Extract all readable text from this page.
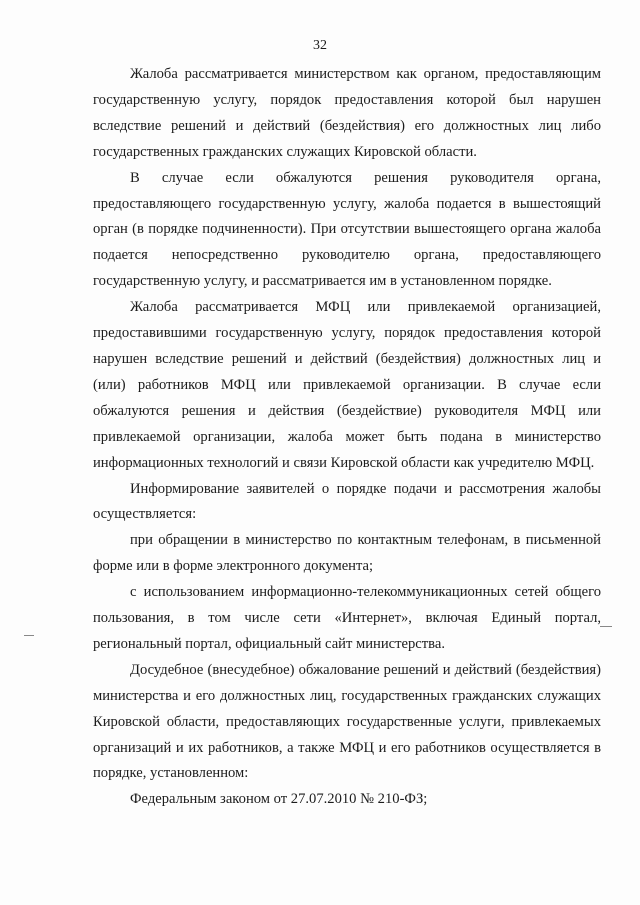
32

Жалоба рассматривается министерством как органом, предоставляющим государственную услугу, порядок предоставления которой был нарушен вследствие решений и действий (бездействия) его должностных лиц либо государственных гражданских служащих Кировской области.

В случае если обжалуются решения руководителя органа, предоставляющего государственную услугу, жалоба подается в вышестоящий орган (в порядке подчиненности). При отсутствии вышестоящего органа жалоба подается непосредственно руководителю органа, предоставляющего государственную услугу, и рассматривается им в установленном порядке.

Жалоба рассматривается МФЦ или привлекаемой организацией, предоставившими государственную услугу, порядок предоставления которой нарушен вследствие решений и действий (бездействия) должностных лиц и (или) работников МФЦ или привлекаемой организации. В случае если обжалуются решения и действия (бездействие) руководителя МФЦ или привлекаемой организации, жалоба может быть подана в министерство информационных технологий и связи Кировской области как учредителю МФЦ.

Информирование заявителей о порядке подачи и рассмотрения жалобы осуществляется:

при обращении в министерство по контактным телефонам, в письменной форме или в форме электронного документа;

с использованием информационно-телекоммуникационных сетей общего пользования, в том числе сети «Интернет», включая Единый портал, региональный портал, официальный сайт министерства.

Досудебное (внесудебное) обжалование решений и действий (бездействия) министерства и его должностных лиц, государственных гражданских служащих Кировской области, предоставляющих государственные услуги, привлекаемых организаций и их работников, а также МФЦ и его работников осуществляется в порядке, установленном:

Федеральным законом от 27.07.2010 № 210-ФЗ;
